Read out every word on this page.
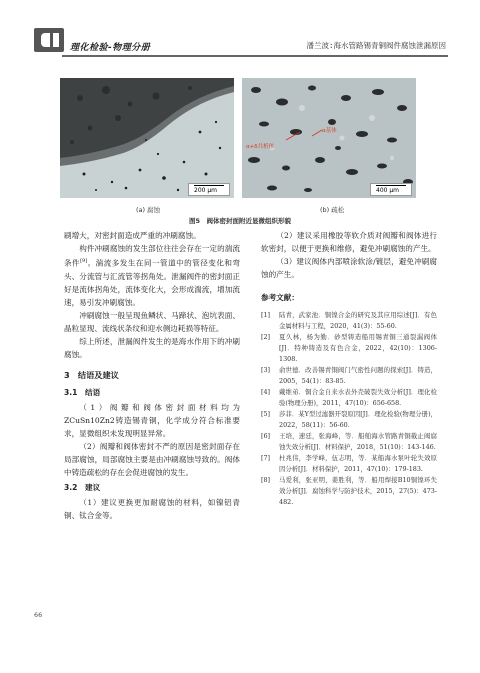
理化检验-物理分册	潘兰波:海水管路锡青铜阀件腐蚀泄漏原因
200 μm
α+δ共析体
α基体
400 μm
(a) 腐蚀	(b) 疏松
图5　阀体密封面附近显微组织形貌

刷增大，对密封面造成严重的冲刷腐蚀。

构件冲刷腐蚀的发生部位往往会存在一定的湍流条件[9]。湍流多发生在同一管道中的管径变化和弯头、分流管与汇流管等拐角处。泄漏阀件的密封面正好是流体拐角处，流体变化大，会形成湍流，增加流速，易引发冲刷腐蚀。

冲刷腐蚀一般呈现鱼鳞状、马蹄状、泡坑表面、晶粒显现、流线状条纹和迎水侧边耗损等特征。

综上所述，泄漏阀件发生的是海水作用下的冲刷腐蚀。

3　结语及建议
3.1　结语

（1）阀瓣和阀体密封面材料均为ZCuSn10Zn2铸造锡青铜，化学成分符合标准要求，显微组织未发现明显异常。

（2）阀瓣和阀体密封不严的原因是密封面存在局部腐蚀，局部腐蚀主要是由冲刷腐蚀导致的。阀体中铸造疏松的存在会促进腐蚀的发生。

3.2　建议

（1）建议更换更加耐腐蚀的材料，如镍铝青铜、钛合金等。

（2）建议采用橡胶等软介质对阀瓣和阀体进行软密封，以便于更换和维修，避免冲刷腐蚀的产生。

（3）建议阀体内部喷涂软涂/镀层，避免冲刷腐蚀的产生。

参考文献：
[1]	陆青，武家池．铜镍合金的研究及其应用综述[J]．有色金属材料与工程，2020，41(3)：55-60.
[2]	夏久林，杨为勤．砂型铸造船用锡青铜三通裂漏阀体[J]．特种铸造及有色合金，2022，42(10)：1306-1308.
[3]	俞世德．改善锡青铜阀门气密性问题的探索[J]．铸造，2005，54(1)：83-85.
[4]	戴维弟．铜合金自来水表外壳破裂失效分析[J]．理化检验(物理分册)，2011，47(10)：656-658.
[5]	莎菲．某Y型过滤器开裂原因[J]．理化检验(物理分册)，2022，58(11)：56-60.
[6]	王培，速廷，张海峰，等．船舶海水管路青铜截止阀腐蚀失效分析[J]．材料保护，2018，51(10)：143-146.
[7]	杜兆伟，李学峰，伍志明，等．某船海水泵叶轮失效原因分析[J]．材料保护，2011，47(10)：179-183.
[8]	马爱利，张亚明，姜胜利，等．船用焊接B10铜镍环失效分析[J]．腐蚀科学与防护技术，2015，27(5)：473-482.
66
